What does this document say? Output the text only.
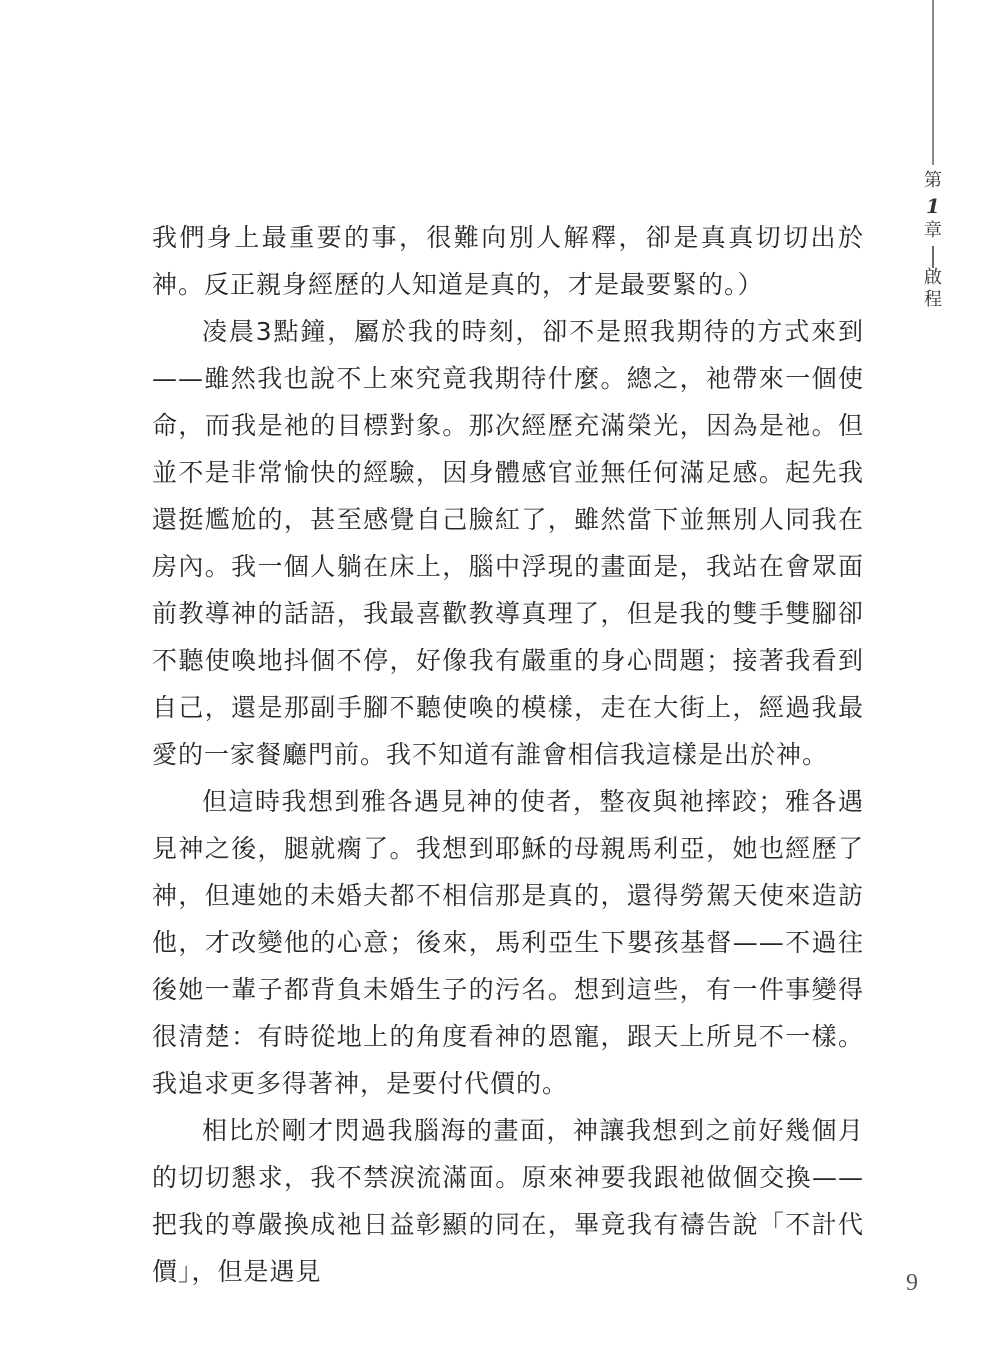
第
1
章
啟
程

我們身上最重要的事，很難向別人解釋，卻是真真切切出於神。反正親身經歷的人知道是真的，才是最要緊的。）

凌晨3點鐘，屬於我的時刻，卻不是照我期待的方式來到——雖然我也說不上來究竟我期待什麼。總之，祂帶來一個使命，而我是祂的目標對象。那次經歷充滿榮光，因為是祂。但並不是非常愉快的經驗，因身體感官並無任何滿足感。起先我還挺尷尬的，甚至感覺自己臉紅了，雖然當下並無別人同我在房內。我一個人躺在床上，腦中浮現的畫面是，我站在會眾面前教導神的話語，我最喜歡教導真理了，但是我的雙手雙腳卻不聽使喚地抖個不停，好像我有嚴重的身心問題；接著我看到自己，還是那副手腳不聽使喚的模樣，走在大街上，經過我最愛的一家餐廳門前。我不知道有誰會相信我這樣是出於神。

但這時我想到雅各遇見神的使者，整夜與祂摔跤；雅各遇見神之後，腿就瘸了。我想到耶穌的母親馬利亞，她也經歷了神，但連她的未婚夫都不相信那是真的，還得勞駕天使來造訪他，才改變他的心意；後來，馬利亞生下嬰孩基督——不過往後她一輩子都背負未婚生子的污名。想到這些，有一件事變得很清楚：有時從地上的角度看神的恩寵，跟天上所見不一樣。我追求更多得著神，是要付代價的。

相比於剛才閃過我腦海的畫面，神讓我想到之前好幾個月的切切懇求，我不禁淚流滿面。原來神要我跟祂做個交換——把我的尊嚴換成祂日益彰顯的同在，畢竟我有禱告說「不計代價」，但是遇見	9
